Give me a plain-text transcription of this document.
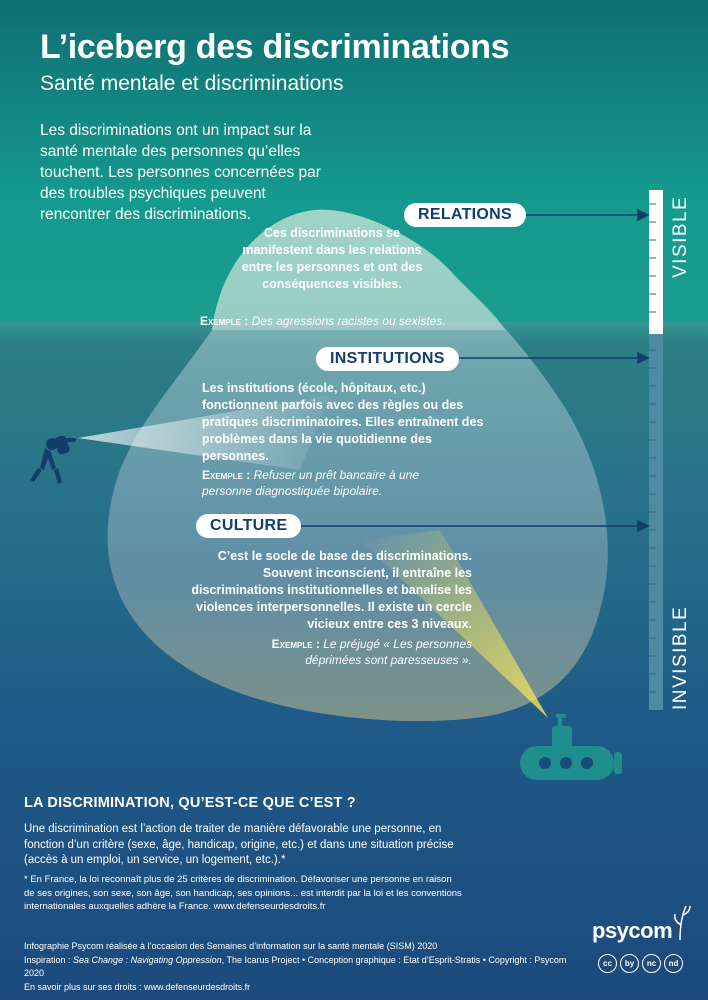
L’iceberg des discriminations
Santé mentale et discriminations

Les discriminations ont un impact sur la santé mentale des personnes qu’elles touchent. Les personnes concernées par des troubles psychiques peuvent rencontrer des discriminations.	VISIBLE
INVISIBLE
RELATIONS
Ces discriminations se manifestent dans les relations entre les personnes et ont des conséquences visibles.
Exemple : Des agressions racistes ou sexistes.
INSTITUTIONS
Les institutions (école, hôpitaux, etc.) fonctionnent parfois avec des règles ou des pratiques discriminatoires. Elles entraînent des problèmes dans la vie quotidienne des personnes.
Exemple : Refuser un prêt bancaire à une personne diagnostiquée bipolaire.
CULTURE
C’est le socle de base des discriminations. Souvent inconscient, il entraîne les discriminations institutionnelles et banalise les violences interpersonnelles. Il existe un cercle vicieux entre ces 3 niveaux.
Exemple : Le préjugé « Les personnes déprimées sont paresseuses ».
LA DISCRIMINATION, QU’EST-CE QUE C’EST ?

Une discrimination est l’action de traiter de manière défavorable une personne, en fonction d’un critère (sexe, âge, handicap, origine, etc.) et dans une situation précise (accès à un emploi, un service, un logement, etc.).*

* En France, la loi reconnaît plus de 25 critères de discrimination. Défavoriser une personne en raison de ses origines, son sexe, son âge, son handicap, ses opinions... est interdit par la loi et les conventions internationales auxquelles adhère la France. www.defenseurdesdroits.fr

Infographie Psycom réalisée à l’occasion des Semaines d’information sur la santé mentale (SISM) 2020
Inspiration : Sea Change : Navigating Oppression, The Icarus Project • Conception graphique : Etat d’Esprit-Stratis • Copyright : Psycom 2020
En savoir plus sur ses droits : www.defenseurdesdroits.fr
psycom
cc	by	nc	nd
